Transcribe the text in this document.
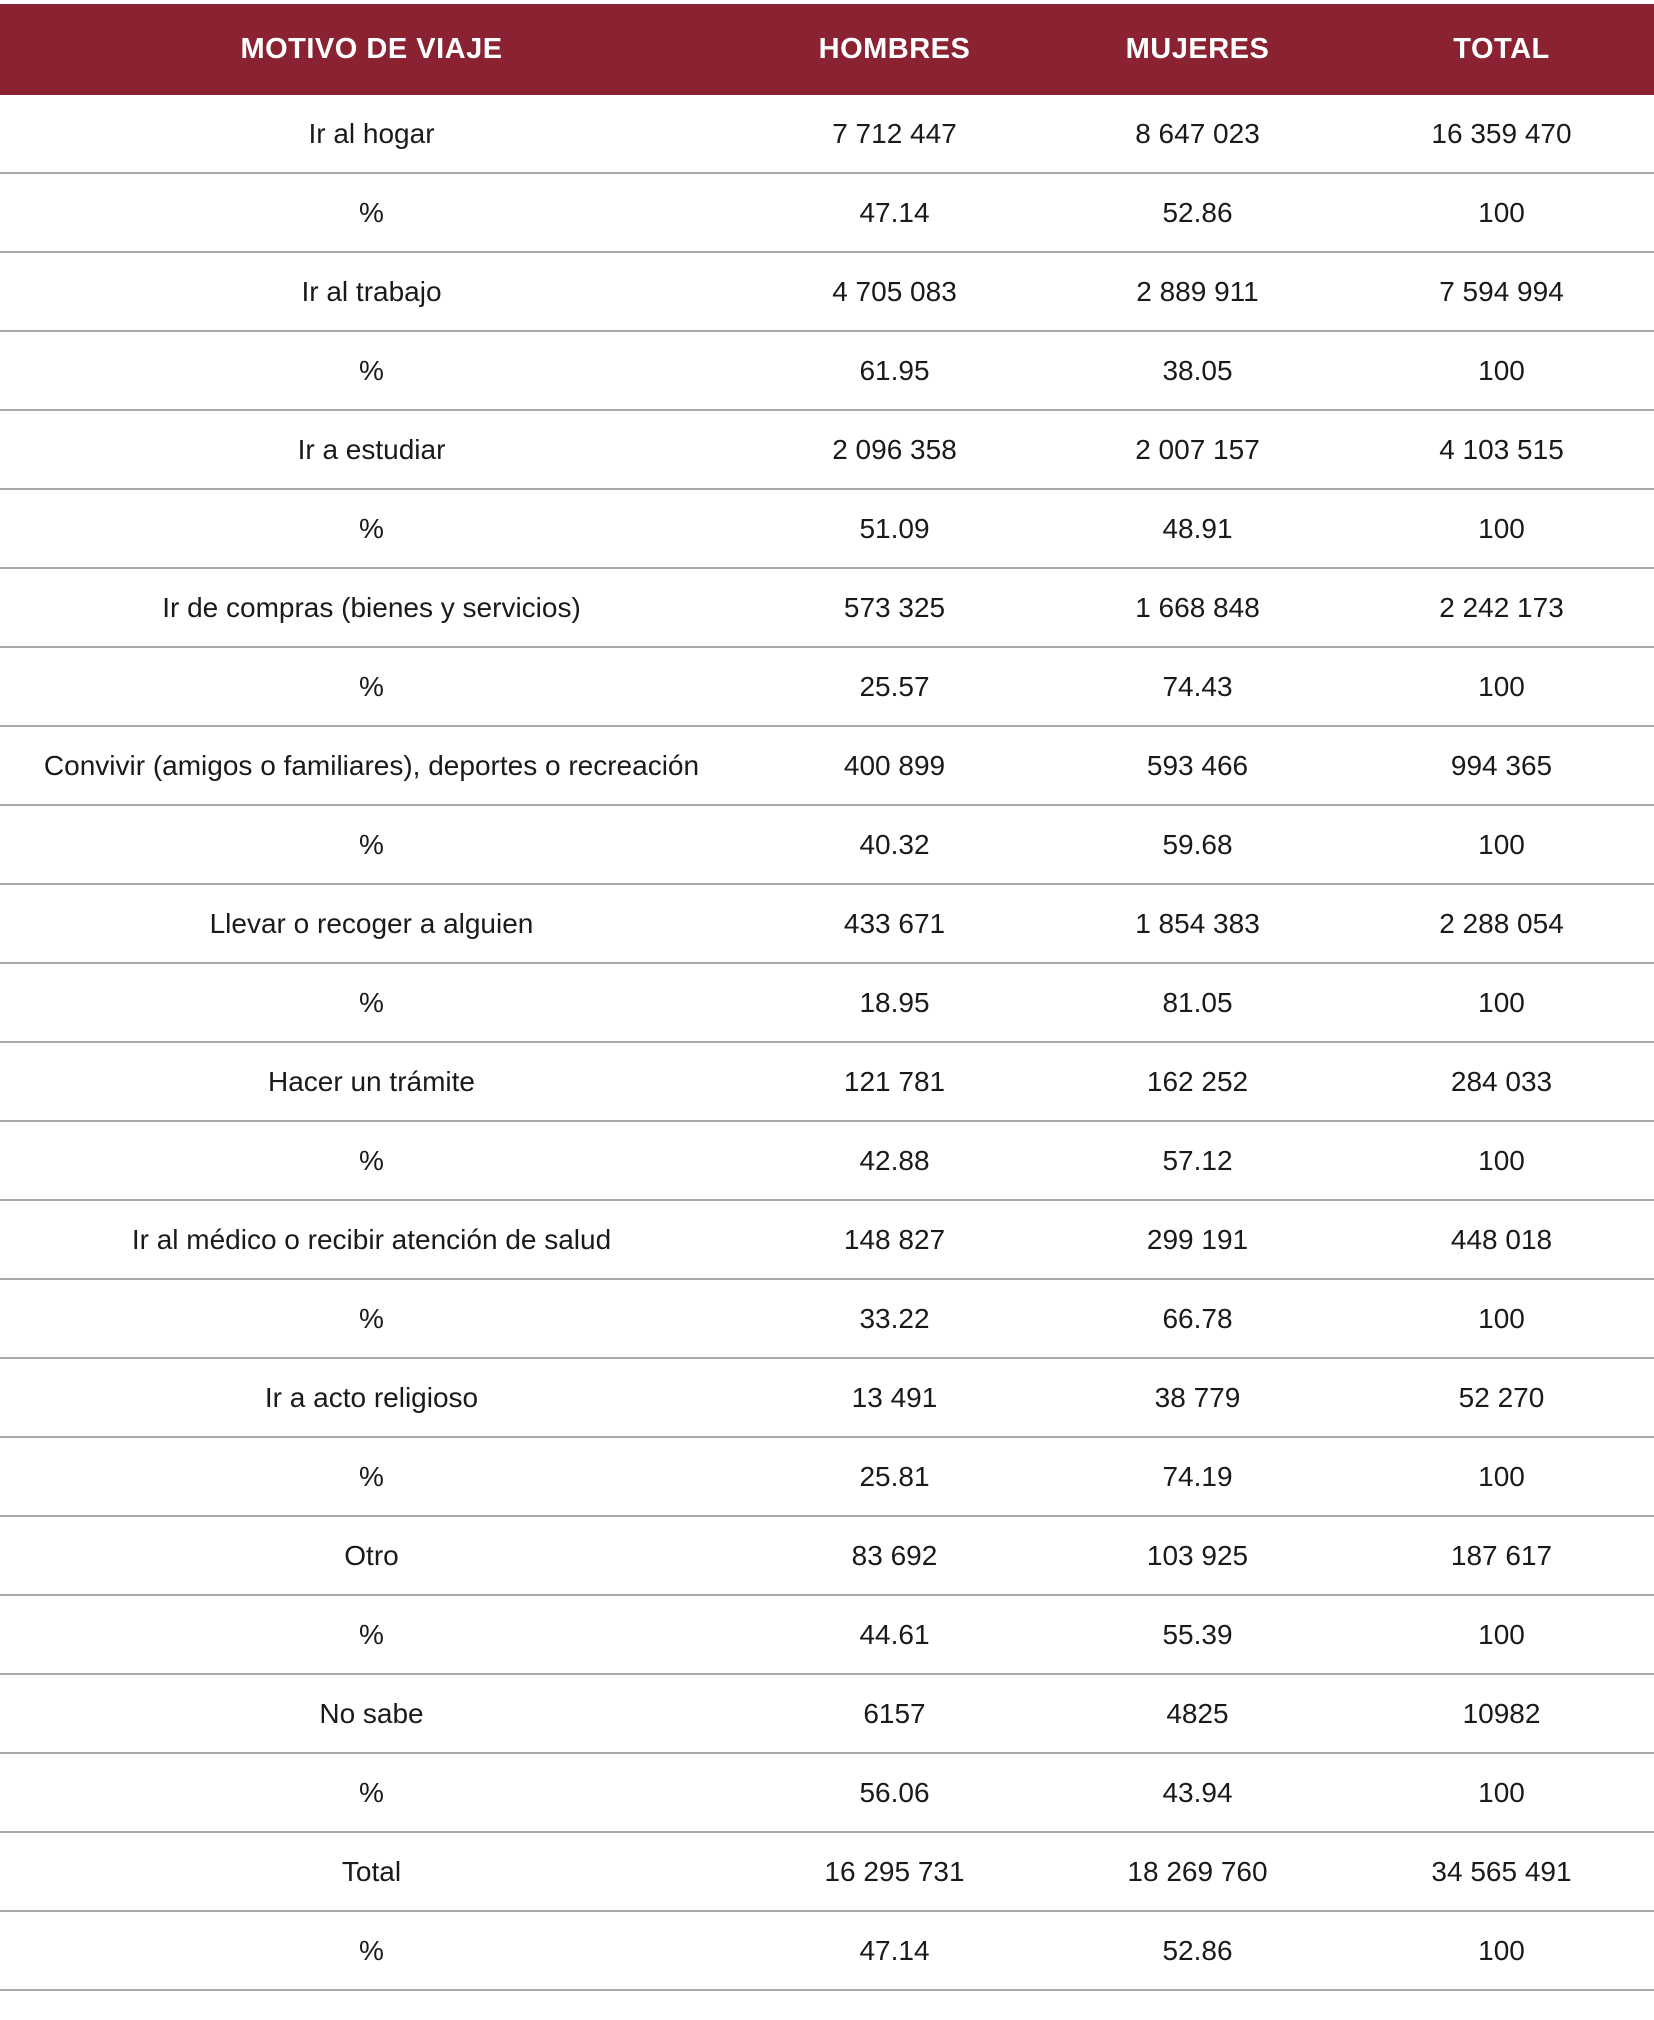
MOTIVO DE VIAJE	HOMBRES	MUJERES	TOTAL
Ir al hogar	7 712 447	8 647 023	16 359 470
%	47.14	52.86	100
Ir al trabajo	4 705 083	2 889 911	7 594 994
%	61.95	38.05	100
Ir a estudiar	2 096 358	2 007 157	4 103 515
%	51.09	48.91	100
Ir de compras (bienes y servicios)	573 325	1 668 848	2 242 173
%	25.57	74.43	100
Convivir (amigos o familiares), deportes o recreación	400 899	593 466	994 365
%	40.32	59.68	100
Llevar o recoger a alguien	433 671	1 854 383	2 288 054
%	18.95	81.05	100
Hacer un trámite	121 781	162 252	284 033
%	42.88	57.12	100
Ir al médico o recibir atención de salud	148 827	299 191	448 018
%	33.22	66.78	100
Ir a acto religioso	13 491	38 779	52 270
%	25.81	74.19	100
Otro	83 692	103 925	187 617
%	44.61	55.39	100
No sabe	6157	4825	10982
%	56.06	43.94	100
Total	16 295 731	18 269 760	34 565 491
%	47.14	52.86	100
